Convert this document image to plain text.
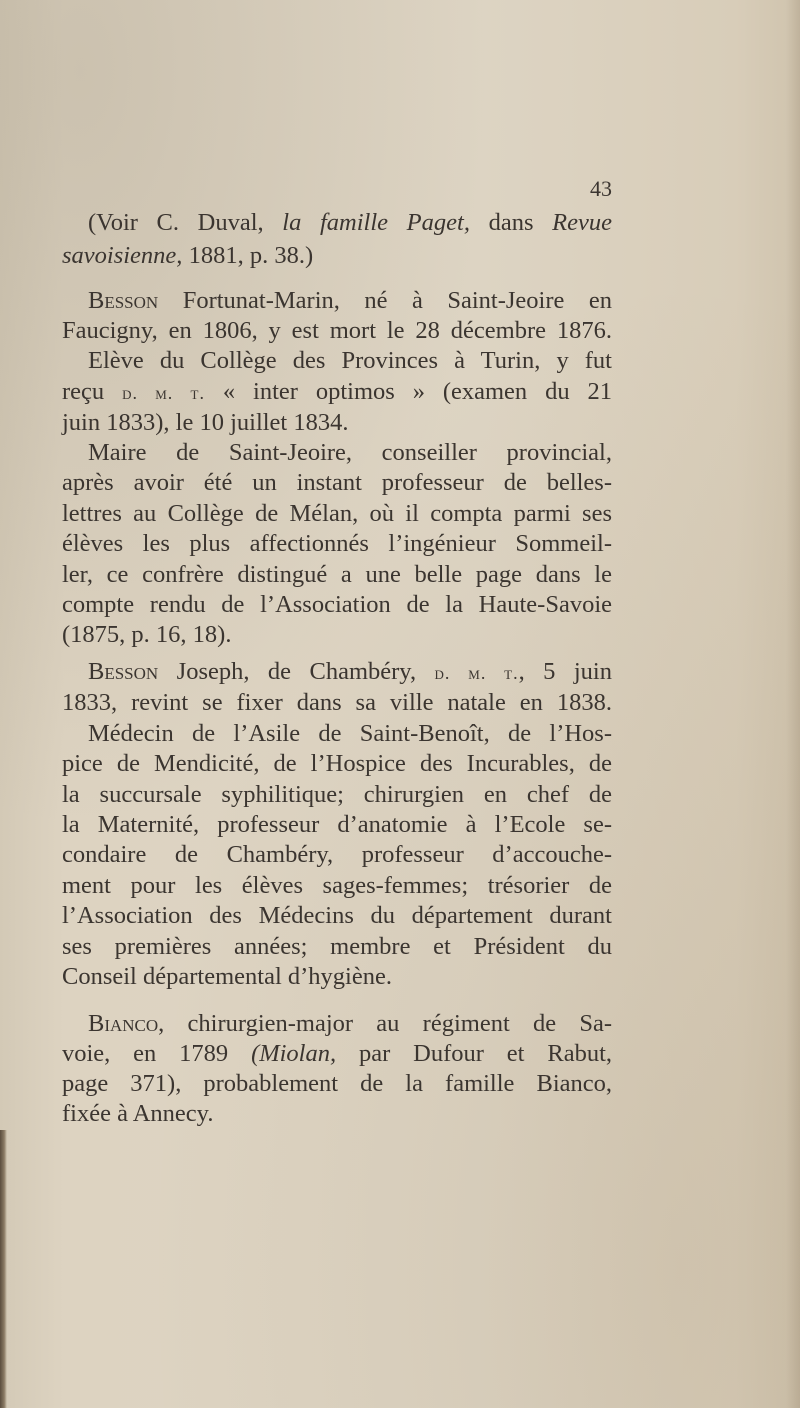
43
(Voir C. Duval, la famille Paget, dans Revue
savoisienne, 1881, p. 38.)
Besson Fortunat-Marin, né à Saint-Jeoire en
Faucigny, en 1806, y est mort le 28 décembre 1876.
Elève du Collège des Provinces à Turin, y fut
reçu d. m. t. « inter optimos » (examen du 21
juin 1833), le 10 juillet 1834.
Maire de Saint-Jeoire, conseiller provincial,
après avoir été un instant professeur de belles-
lettres au Collège de Mélan, où il compta parmi ses
élèves les plus affectionnés l’ingénieur Sommeil-
ler, ce confrère distingué a une belle page dans le
compte rendu de l’Association de la Haute-Savoie
(1875, p. 16, 18).
Besson Joseph, de Chambéry, d. m. t., 5 juin
1833, revint se fixer dans sa ville natale en 1838.
Médecin de l’Asile de Saint-Benoît, de l’Hos-
pice de Mendicité, de l’Hospice des Incurables, de
la succursale syphilitique; chirurgien en chef de
la Maternité, professeur d’anatomie à l’Ecole se-
condaire de Chambéry, professeur d’accouche-
ment pour les élèves sages-femmes; trésorier de
l’Association des Médecins du département durant
ses premières années; membre et Président du
Conseil départemental d’hygiène.
Bianco, chirurgien-major au régiment de Sa-
voie, en 1789 (Miolan, par Dufour et Rabut,
page 371), probablement de la famille Bianco,
fixée à Annecy.
